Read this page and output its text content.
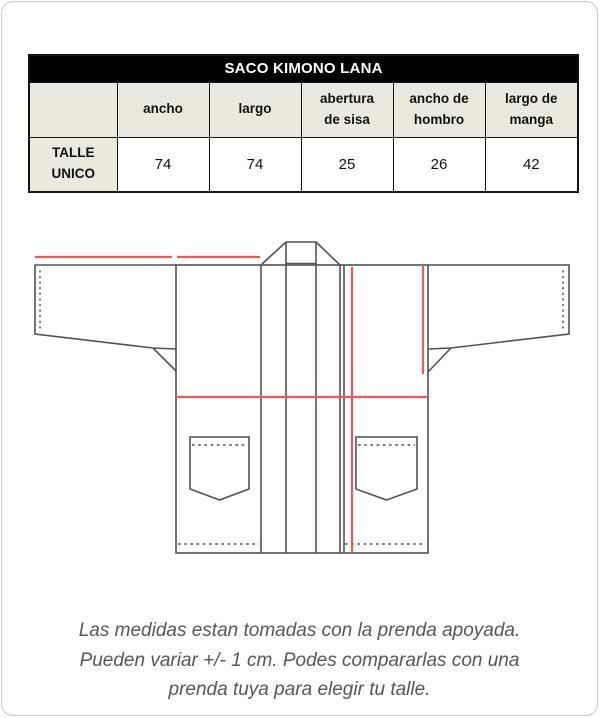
SACO KIMONO LANA					
	ancho	largo	abertura de sisa	ancho de hombro	largo de manga
TALLE UNICO	74	74	25	26	42
Las medidas estan tomadas con la prenda apoyada.
Pueden variar +/- 1 cm. Podes compararlas con una
prenda tuya para elegir tu talle.
